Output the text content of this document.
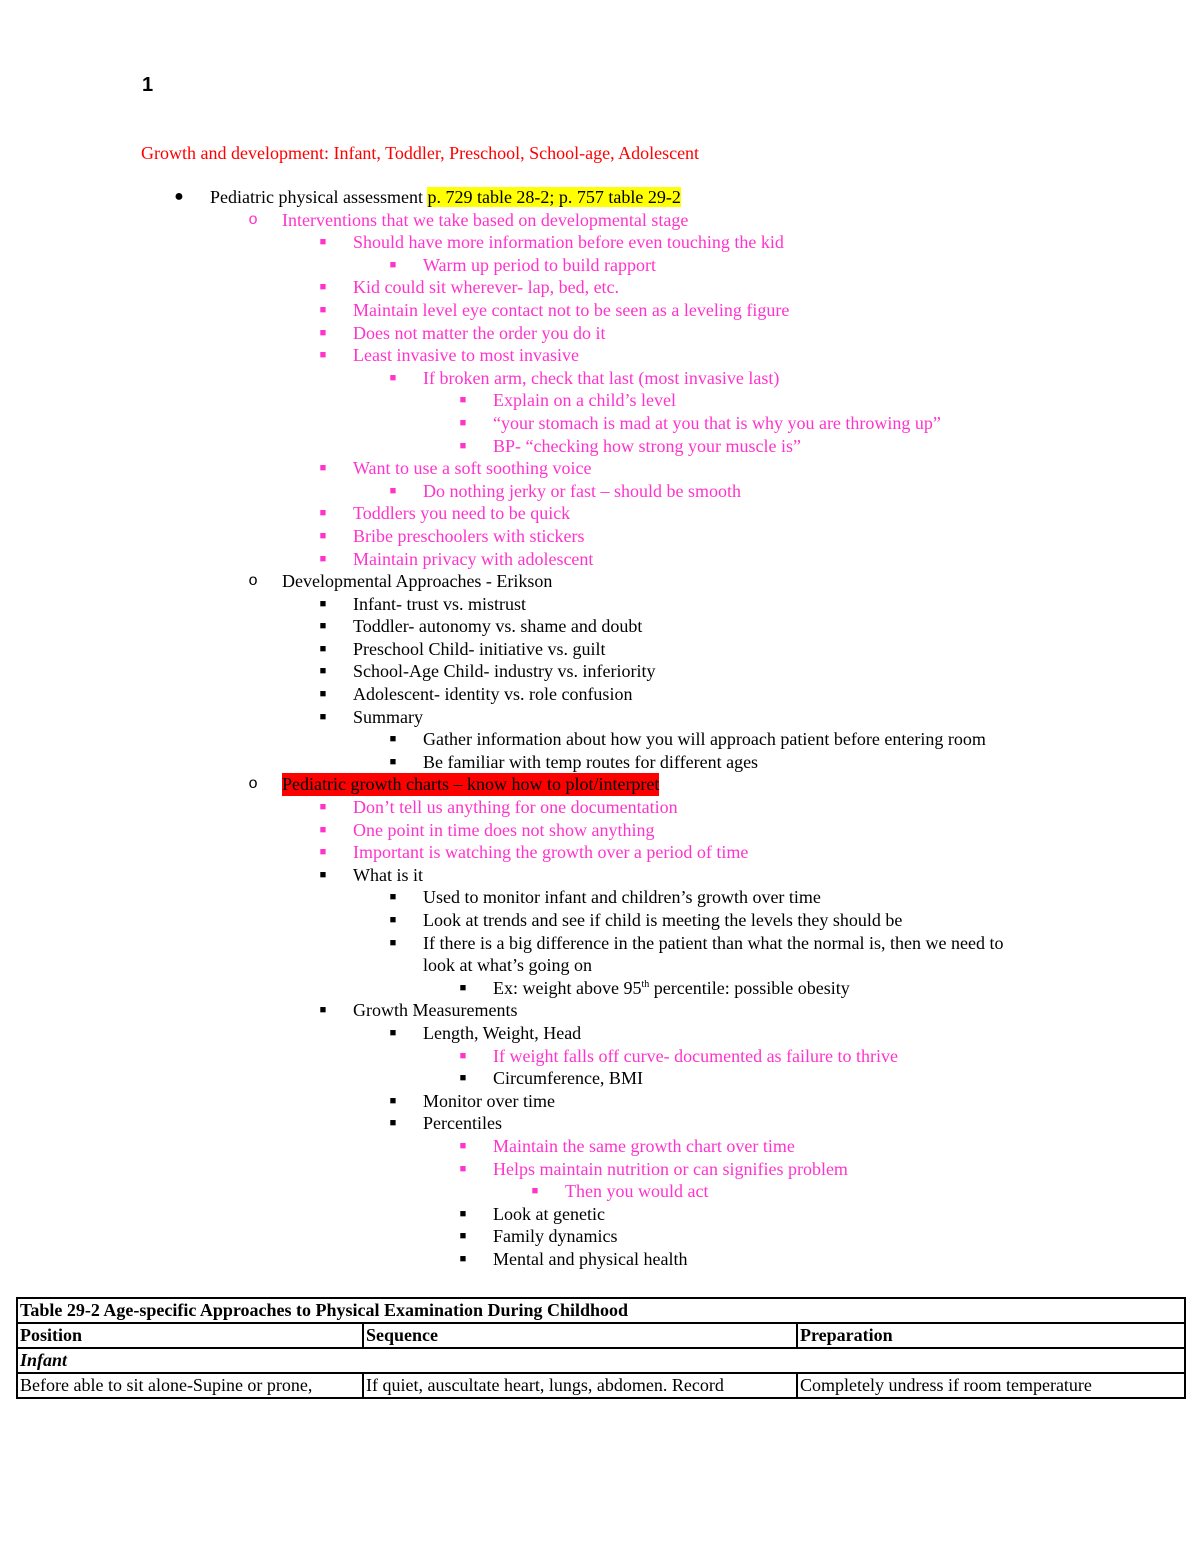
1
Growth and development: Infant, Toddler, Preschool, School-age, Adolescent
● Pediatric physical assessment p. 729 table 28-2; p. 757 table 29-2
o Interventions that we take based on developmental stage
■ Should have more information before even touching the kid
■ Warm up period to build rapport
■ Kid could sit wherever- lap, bed, etc.
■ Maintain level eye contact not to be seen as a leveling figure
■ Does not matter the order you do it
■ Least invasive to most invasive
■ If broken arm, check that last (most invasive last)
■ Explain on a child’s level
■ “your stomach is mad at you that is why you are throwing up”
■ BP- “checking how strong your muscle is”
■ Want to use a soft soothing voice
■ Do nothing jerky or fast – should be smooth
■ Toddlers you need to be quick
■ Bribe preschoolers with stickers
■ Maintain privacy with adolescent
o Developmental Approaches - Erikson
■ Infant- trust vs. mistrust
■ Toddler- autonomy vs. shame and doubt
■ Preschool Child- initiative vs. guilt
■ School-Age Child- industry vs. inferiority
■ Adolescent- identity vs. role confusion
■ Summary
■ Gather information about how you will approach patient before entering room
■ Be familiar with temp routes for different ages
o Pediatric growth charts – know how to plot/interpret
■ Don’t tell us anything for one documentation
■ One point in time does not show anything
■ Important is watching the growth over a period of time
■ What is it
■ Used to monitor infant and children’s growth over time
■ Look at trends and see if child is meeting the levels they should be
■ If there is a big difference in the patient than what the normal is, then we need to
look at what’s going on
■ Ex: weight above 95th percentile: possible obesity
■ Growth Measurements
■ Length, Weight, Head
■ If weight falls off curve- documented as failure to thrive
■ Circumference, BMI
■ Monitor over time
■ Percentiles
■ Maintain the same growth chart over time
■ Helps maintain nutrition or can signifies problem
■ Then you would act
■ Look at genetic
■ Family dynamics
■ Mental and physical health
Table 29-2 Age-specific Approaches to Physical Examination During Childhood		
Position	Sequence	Preparation
Infant		
Before able to sit alone-Supine or prone,	If quiet, auscultate heart, lungs, abdomen. Record	Completely undress if room temperature
